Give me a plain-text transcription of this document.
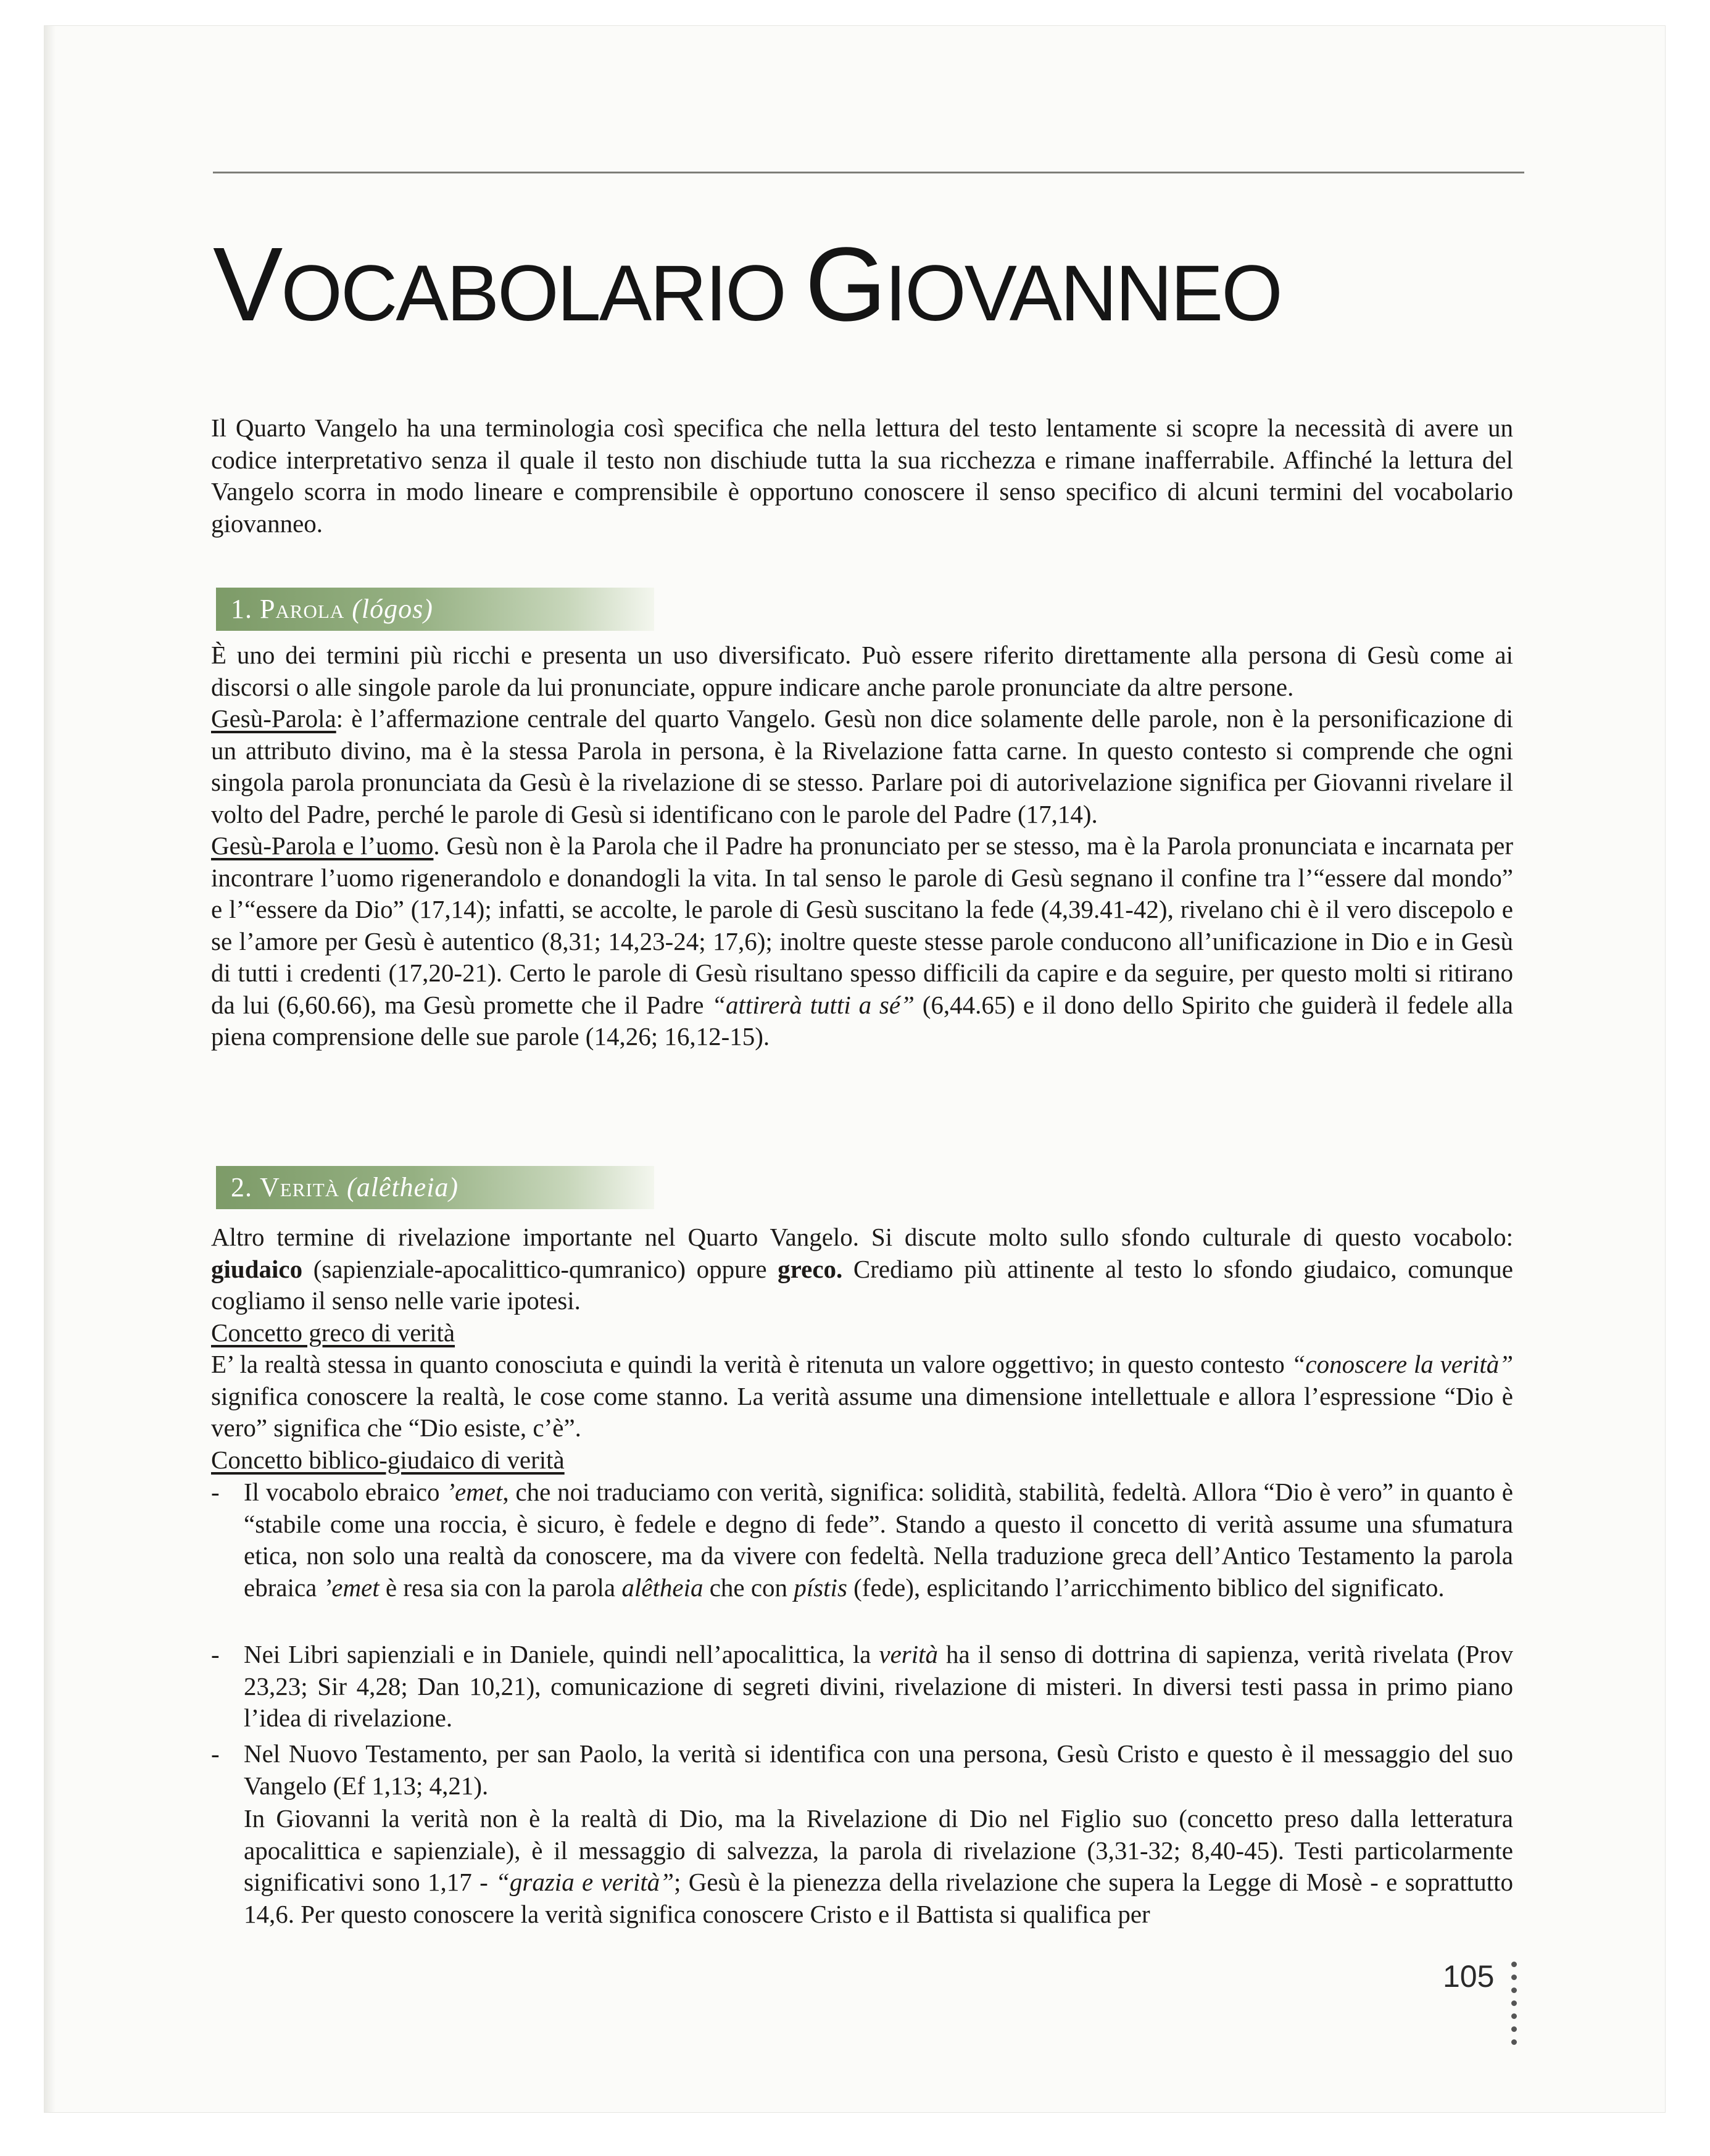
VOCABOLARIO GIOVANNEO

Il Quarto Vangelo ha una terminologia così specifica che nella lettura del testo lentamente si scopre la necessità di avere un codice interpretativo senza il quale il testo non dischiude tutta la sua ricchezza e rimane inafferrabile. Affinché la lettura del Vangelo scorra in modo lineare e comprensibile è opportuno conoscere il senso specifico di alcuni termini del vocabolario giovanneo.

1. Parola (lógos)
È uno dei termini più ricchi e presenta un uso diversificato. Può essere riferito direttamente alla persona di Gesù come ai discorsi o alle singole parole da lui pronunciate, oppure indicare anche parole pronunciate da altre persone.
Gesù-Parola: è l’affermazione centrale del quarto Vangelo. Gesù non dice solamente delle parole, non è la personificazione di un attributo divino, ma è la stessa Parola in persona, è la Rivelazione fatta carne. In questo contesto si comprende che ogni singola parola pronunciata da Gesù è la rivelazione di se stesso. Parlare poi di autorivelazione significa per Giovanni rivelare il volto del Padre, perché le parole di Gesù si identificano con le parole del Padre (17,14).
Gesù-Parola e l’uomo. Gesù non è la Parola che il Padre ha pronunciato per se stesso, ma è la Parola pronunciata e incarnata per incontrare l’uomo rigenerandolo e donandogli la vita. In tal senso le parole di Gesù segnano il confine tra l’“essere dal mondo” e l’“essere da Dio” (17,14); infatti, se accolte, le parole di Gesù suscitano la fede (4,39.41-42), rivelano chi è il vero discepolo e se l’amore per Gesù è autentico (8,31; 14,23-24; 17,6); inoltre queste stesse parole conducono all’unificazione in Dio e in Gesù di tutti i credenti (17,20-21). Certo le parole di Gesù risultano spesso difficili da capire e da seguire, per questo molti si ritirano da lui (6,60.66), ma Gesù promette che il Padre “attirerà tutti a sé” (6,44.65) e il dono dello Spirito che guiderà il fedele alla piena comprensione delle sue parole (14,26; 16,12-15).
2. Verità (alêtheia)
Altro termine di rivelazione importante nel Quarto Vangelo. Si discute molto sullo sfondo culturale di questo vocabolo: giudaico (sapienziale-apocalittico-qumranico) oppure greco. Crediamo più attinente al testo lo sfondo giudaico, comunque cogliamo il senso nelle varie ipotesi.
Concetto greco di verità
E’ la realtà stessa in quanto conosciuta e quindi la verità è ritenuta un valore oggettivo; in questo contesto “conoscere la verità” significa conoscere la realtà, le cose come stanno. La verità assume una dimensione intellettuale e allora l’espressione “Dio è vero” significa che “Dio esiste, c’è”.
Concetto biblico-giudaico di verità
- Il vocabolo ebraico ’emet, che noi traduciamo con verità, significa: solidità, stabilità, fedeltà. Allora “Dio è vero” in quanto è “stabile come una roccia, è sicuro, è fedele e degno di fede”. Stando a questo il concetto di verità assume una sfumatura etica, non solo una realtà da conoscere, ma da vivere con fedeltà. Nella traduzione greca dell’Antico Testamento la parola ebraica ’emet è resa sia con la parola alêtheia che con pístis (fede), esplicitando l’arricchimento biblico del significato.
- Nei Libri sapienziali e in Daniele, quindi nell’apocalittica, la verità ha il senso di dottrina di sapienza, verità rivelata (Prov 23,23; Sir 4,28; Dan 10,21), comunicazione di segreti divini, rivelazione di misteri. In diversi testi passa in primo piano l’idea di rivelazione.
- Nel Nuovo Testamento, per san Paolo, la verità si identifica con una persona, Gesù Cristo e questo è il messaggio del suo Vangelo (Ef 1,13; 4,21).
In Giovanni la verità non è la realtà di Dio, ma la Rivelazione di Dio nel Figlio suo (concetto preso dalla letteratura apocalittica e sapienziale), è il messaggio di salvezza, la parola di rivelazione (3,31-32; 8,40-45). Testi particolarmente significativi sono 1,17 - “grazia e verità”; Gesù è la pienezza della rivelazione che supera la Legge di Mosè - e soprattutto 14,6. Per questo conoscere la verità significa conoscere Cristo e il Battista si qualifica per
105
